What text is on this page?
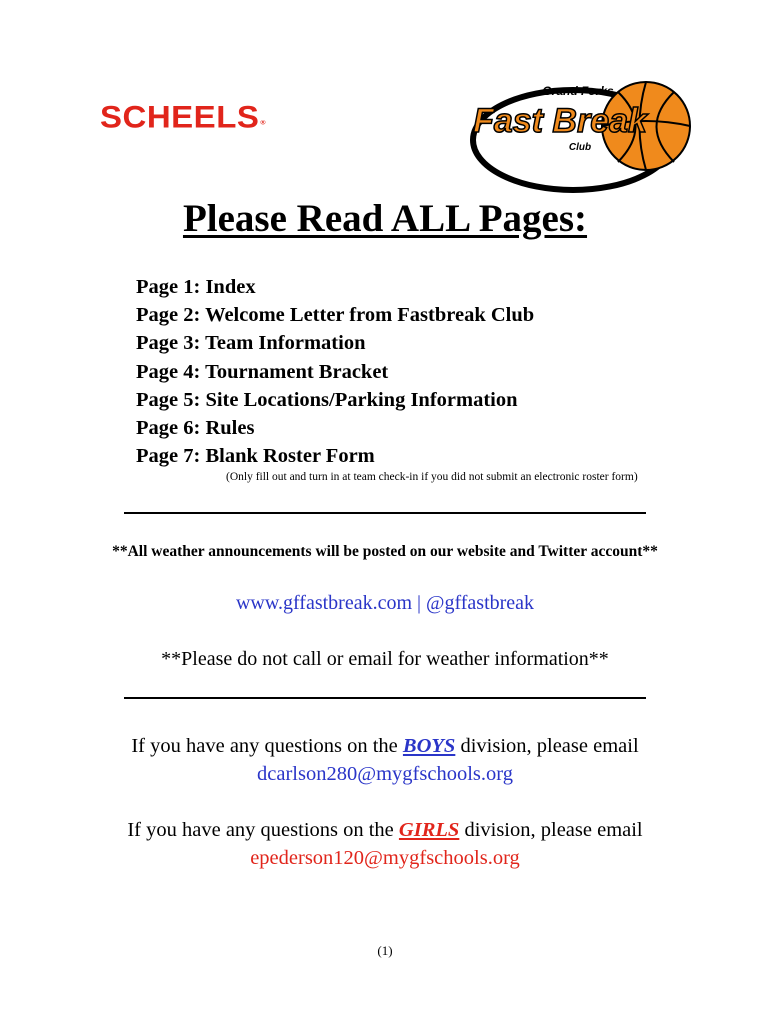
SCHEELS®
Grand Forks
Fast Break
Club
Please Read ALL Pages:
Page 1: Index
Page 2: Welcome Letter from Fastbreak Club
Page 3: Team Information
Page 4: Tournament Bracket
Page 5: Site Locations/Parking Information
Page 6: Rules
Page 7: Blank Roster Form
(Only fill out and turn in at team check-in if you did not submit an electronic roster form)
**All weather announcements will be posted on our website and Twitter account**
www.gffastbreak.com | @gffastbreak
**Please do not call or email for weather information**
If you have any questions on the BOYS division, please email
dcarlson280@mygfschools.org
If you have any questions on the GIRLS division, please email
epederson120@mygfschools.org
(1)
